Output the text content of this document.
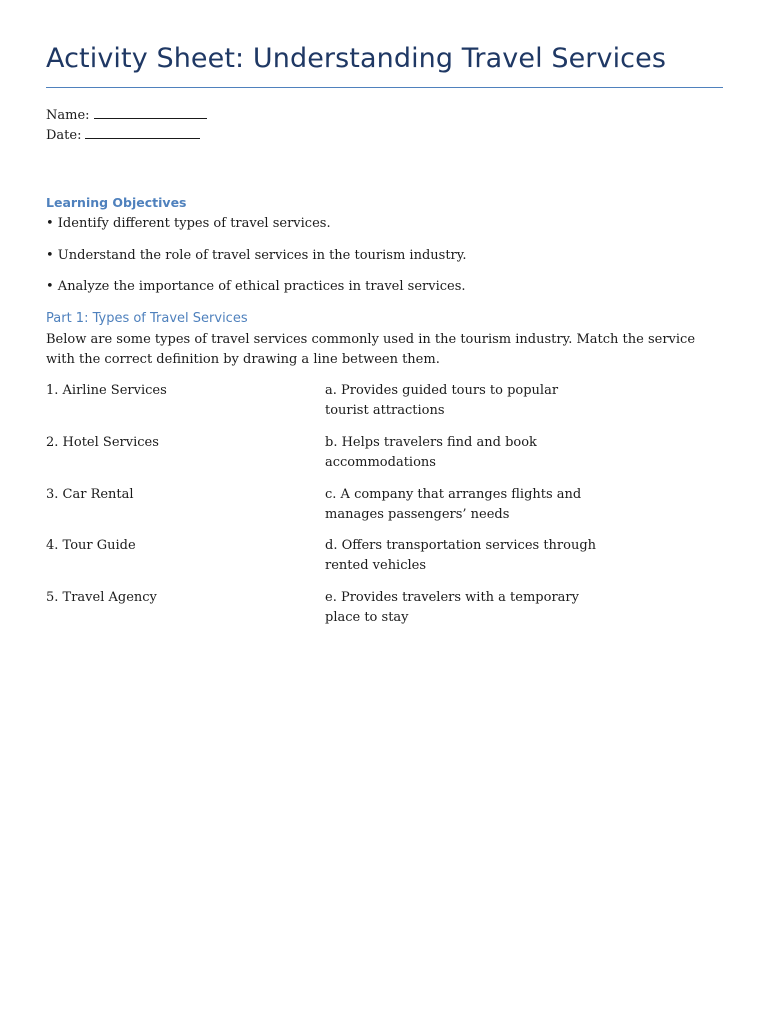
Activity Sheet: Understanding Travel Services
Name:
Date:
Learning Objectives
• Identify different types of travel services.
• Understand the role of travel services in the tourism industry.
• Analyze the importance of ethical practices in travel services.
Part 1: Types of Travel Services
Below are some types of travel services commonly used in the tourism industry. Match the service with the correct definition by drawing a line between them.
1. Airline Services	a. Provides guided tours to popular tourist attractions
2. Hotel Services	b. Helps travelers find and book accommodations
3. Car Rental	c. A company that arranges flights and manages passengers’ needs
4. Tour Guide	d. Offers transportation services through rented vehicles
5. Travel Agency	e. Provides travelers with a temporary place to stay
